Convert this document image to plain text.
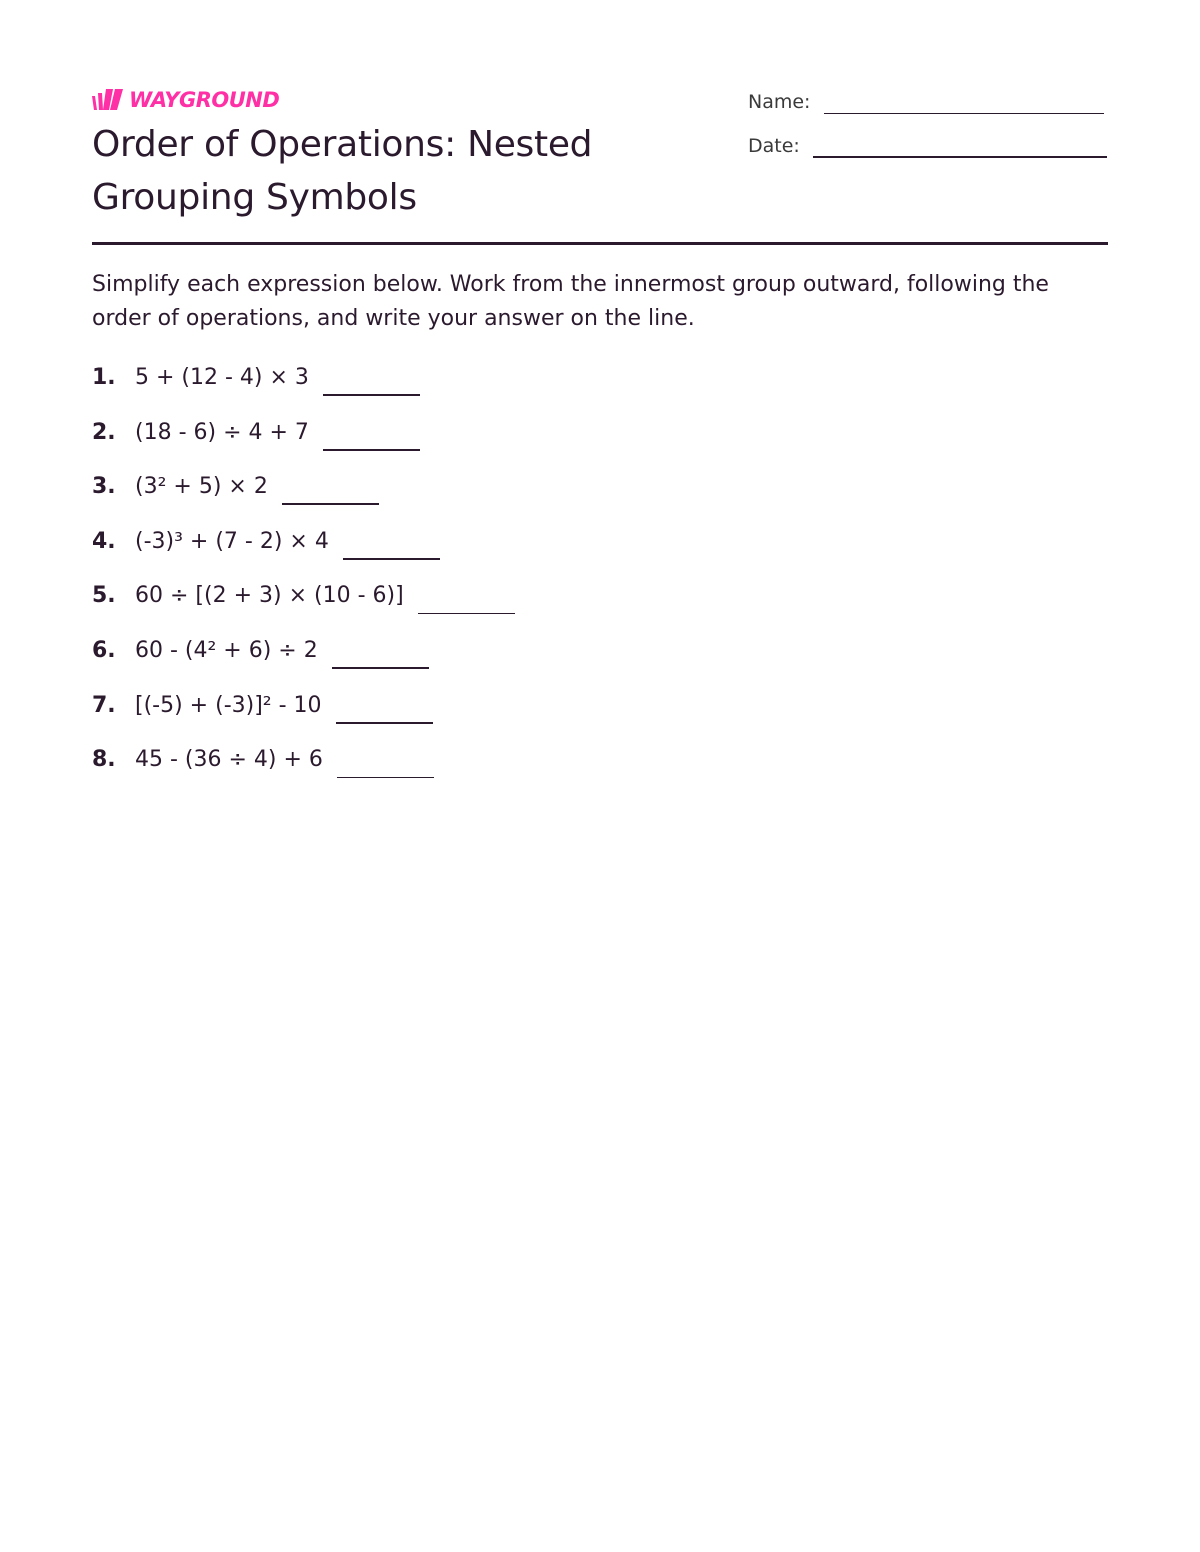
WAYGROUND
Order of Operations: Nested
Grouping Symbols
Name:
Date:

Simplify each expression below. Work from the innermost group outward, following the order of operations, and write your answer on the line.

1. 5 + (12 - 4) × 3
2. (18 - 6) ÷ 4 + 7
3. (3² + 5) × 2
4. (-3)³ + (7 - 2) × 4
5. 60 ÷ [(2 + 3) × (10 - 6)]
6. 60 - (4² + 6) ÷ 2
7. [(-5) + (-3)]² - 10
8. 45 - (36 ÷ 4) + 6
